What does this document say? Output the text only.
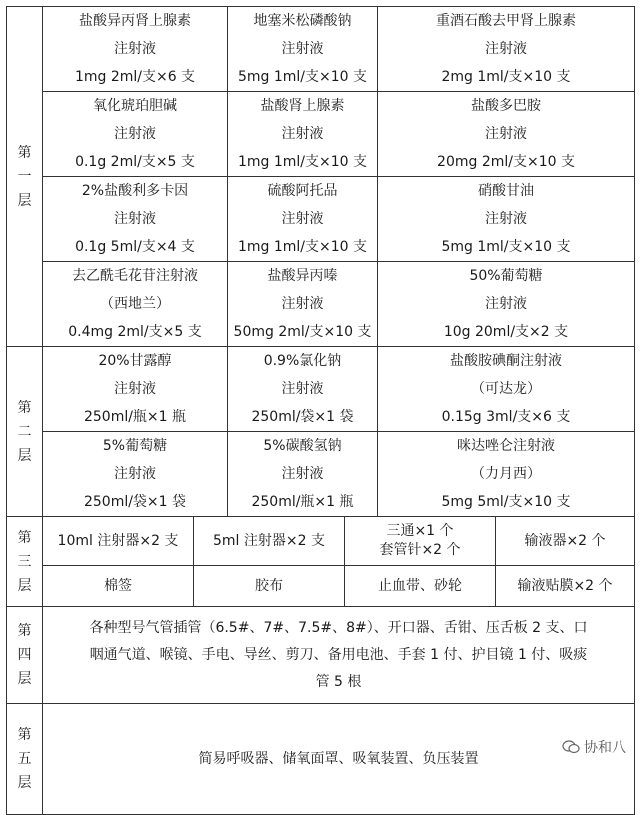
第
一
层	盐酸异丙肾上腺素
注射液
1mg 2ml/支×6 支		地塞米松磷酸钠
注射液
5mg 1ml/支×10 支		重酒石酸去甲肾上腺素
注射液
2mg 1ml/支×10 支	

	氧化琥珀胆碱
注射液
0.1g 2ml/支×5 支		盐酸肾上腺素
注射液
1mg 1ml/支×10 支		盐酸多巴胺
注射液
20mg 2ml/支×10 支	

	2%盐酸利多卡因
注射液
0.1g 5ml/支×4 支		硫酸阿托品
注射液
1mg 1ml/支×10 支		硝酸甘油
注射液
5mg 1ml/支×10 支	

	去乙酰毛花苷注射液
（西地兰）
0.4mg 2ml/支×5 支		盐酸异丙嗪
注射液
50mg 2ml/支×10 支		50%葡萄糖
注射液
10g 20ml/支×2 支	

第
二
层	20%甘露醇
注射液
250ml/瓶×1 瓶		0.9%氯化钠
注射液
250ml/袋×1 袋		盐酸胺碘酮注射液
（可达龙）
0.15g 3ml/支×6 支	

	5%葡萄糖
注射液
250ml/袋×1 袋		5%碳酸氢钠
注射液
250ml/瓶×1 瓶		咪达唑仑注射液
（力月西）
5mg 5ml/支×10 支	

第
三
层	10ml 注射器×2 支	5ml 注射器×2 支		三通×1 个
套管针×2 个		输液器×2 个

	棉签	胶布		止血带、砂轮		输液贴膜×2 个

第
四
层	各种型号气管插管（6.5#、7#、7.5#、8#）、开口器、舌钳、压舌板 2 支、口
咽通气道、喉镜、手电、导丝、剪刀、备用电池、手套 1 付、护目镜 1 付、吸痰
管 5 根					

第
五
层	简易呼吸器、储氧面罩、吸氧装置、负压装置					
协和八
